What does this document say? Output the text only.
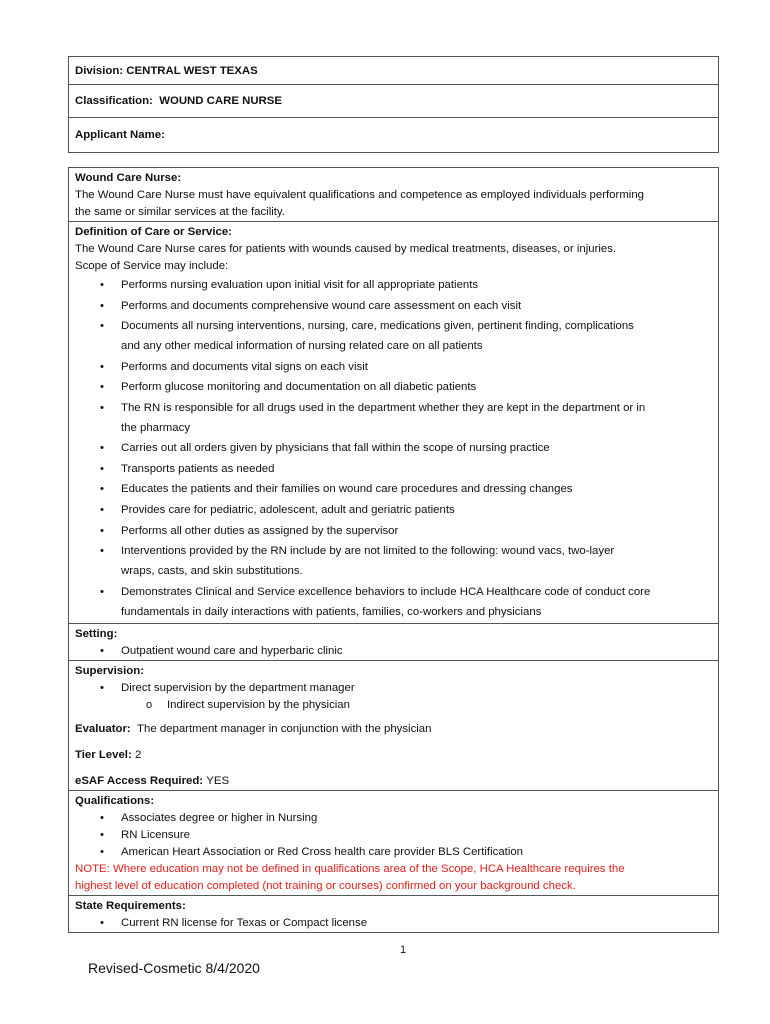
Division:
CENTRAL WEST TEXAS
Classification:
WOUND CARE NURSE
Applicant Name:
Wound Care Nurse:
The Wound Care Nurse must have equivalent qualifications and competence as employed individuals performing
the same or similar services at the facility.
Definition of Care or Service:
The Wound Care Nurse cares for patients with wounds caused by medical treatments, diseases, or injuries.
Scope of Service may include:
• Performs nursing evaluation upon initial visit for all appropriate patients
• Performs and documents comprehensive wound care assessment on each visit
• Documents all nursing interventions, nursing, care, medications given, pertinent finding, complications
and any other medical information of nursing related care on all patients
• Performs and documents vital signs on each visit
• Perform glucose monitoring and documentation on all diabetic patients
• The RN is responsible for all drugs used in the department whether they are kept in the department or in
the pharmacy
• Carries out all orders given by physicians that fall within the scope of nursing practice
• Transports patients as needed
• Educates the patients and their families on wound care procedures and dressing changes
• Provides care for pediatric, adolescent, adult and geriatric patients
• Performs all other duties as assigned by the supervisor
• Interventions provided by the RN include by are not limited to the following: wound vacs, two-layer
wraps, casts, and skin substitutions.
• Demonstrates Clinical and Service excellence behaviors to include HCA Healthcare code of conduct core
fundamentals in daily interactions with patients, families, co-workers and physicians
Setting:
• Outpatient wound care and hyperbaric clinic
Supervision:
• Direct supervision by the department manager
o Indirect supervision by the physician
Evaluator: The department manager in conjunction with the physician
Tier Level: 2
eSAF Access Required: YES
Qualifications:
• Associates degree or higher in Nursing
• RN Licensure
• American Heart Association or Red Cross health care provider BLS Certification
NOTE: Where education may not be defined in qualifications area of the Scope, HCA Healthcare requires the
highest level of education completed (not training or courses) confirmed on your background check.
State Requirements:
• Current RN license for Texas or Compact license
1
Revised-Cosmetic 8/4/2020
